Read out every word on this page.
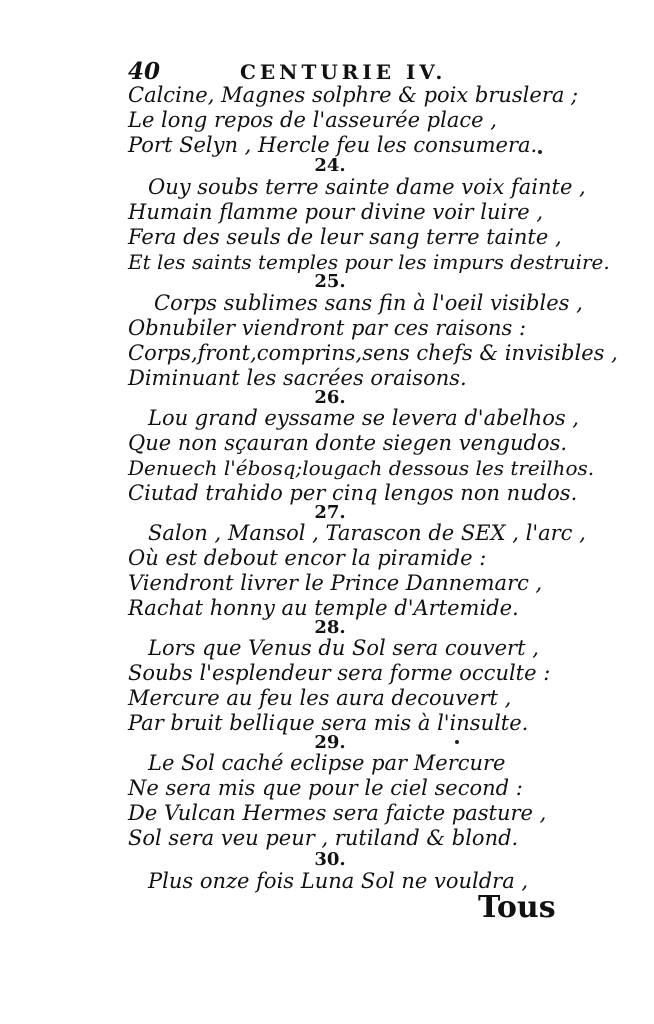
40	CENTURIE IV.
Calcine, Magnes solphre & poix bruslera ;
Le long repos de l'asseurée place ,
Port Selyn , Hercle feu les consumera.
24.
Ouy soubs terre sainte dame voix fainte ,
Humain flamme pour divine voir luire ,
Fera des seuls de leur sang terre tainte ,
Et les saints temples pour les impurs destruire.
25.
Corps sublimes sans fin à l'oeil visibles ,
Obnubiler viendront par ces raisons :
Corps,front,comprins,sens chefs & invisibles ,
Diminuant les sacrées oraisons.
26.
Lou grand eyssame se levera d'abelhos ,
Que non sçauran donte siegen vengudos.
Denuech l'ébosq;lougach dessous les treilhos.
Ciutad trahido per cinq lengos non nudos.
27.
Salon , Mansol , Tarascon de SEX , l'arc ,
Où est debout encor la piramide :
Viendront livrer le Prince Dannemarc ,
Rachat honny au temple d'Artemide.
28.
Lors que Venus du Sol sera couvert ,
Soubs l'esplendeur sera forme occulte :
Mercure au feu les aura decouvert ,
Par bruit bellique sera mis à l'insulte.
29.
Le Sol caché eclipse par Mercure
Ne sera mis que pour le ciel second :
De Vulcan Hermes sera faicte pasture ,
Sol sera veu peur , rutiland & blond.
30.
Plus onze fois Luna Sol ne vouldra ,
Tous
